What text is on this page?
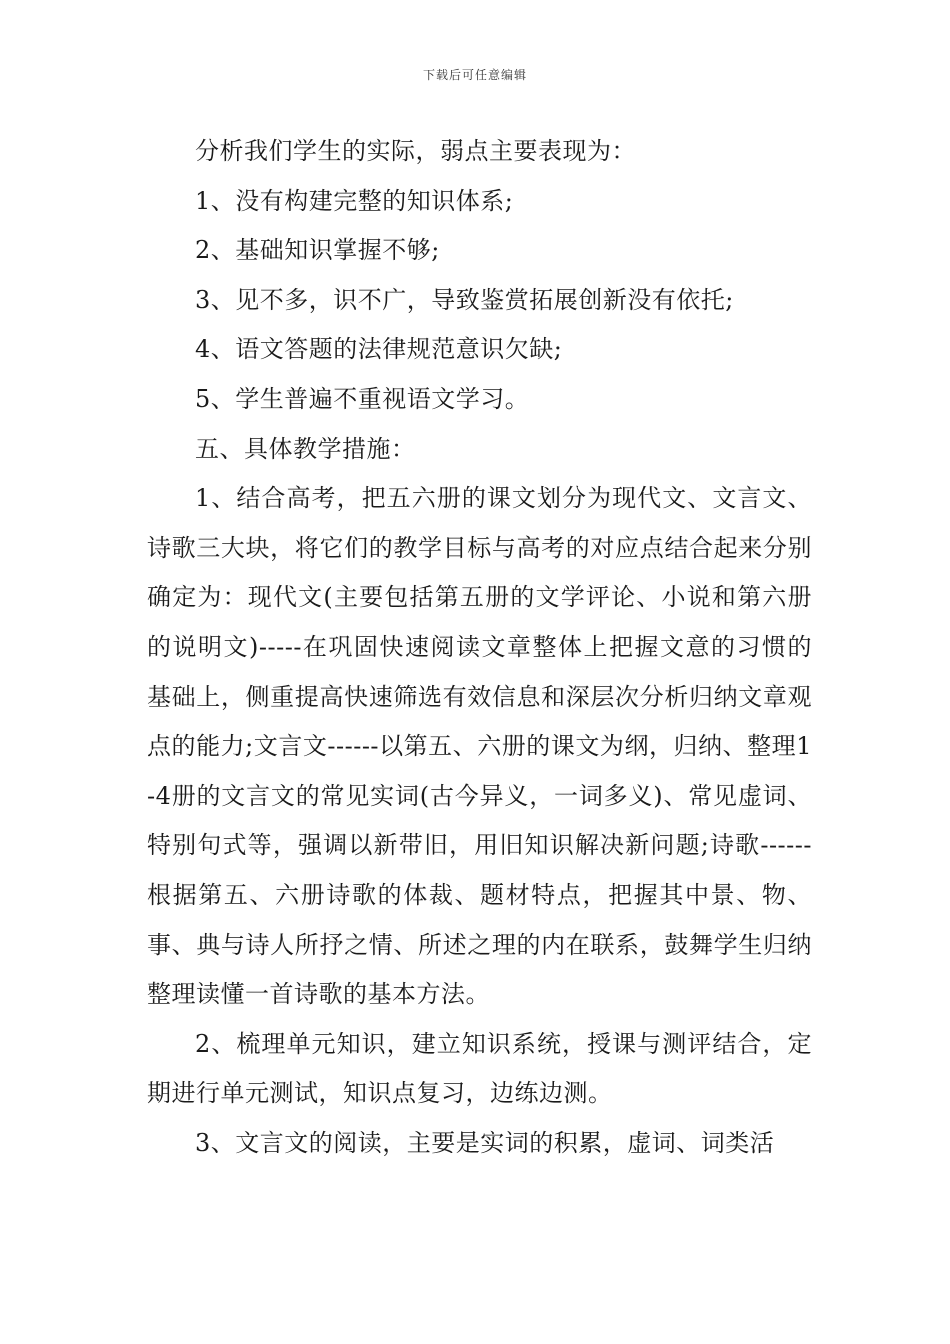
下载后可任意编辑

分析我们学生的实际，弱点主要表现为：

1、没有构建完整的知识体系;

2、基础知识掌握不够;

3、见不多，识不广，导致鉴赏拓展创新没有依托;

4、语文答题的法律规范意识欠缺;

5、学生普遍不重视语文学习。

五、具体教学措施：

1、结合高考，把五六册的课文划分为现代文、文言文、诗歌三大块，将它们的教学目标与高考的对应点结合起来分别确定为：现代文(主要包括第五册的文学评论、小说和第六册的说明文)-----在巩固快速阅读文章整体上把握文意的习惯的基础上，侧重提高快速筛选有效信息和深层次分析归纳文章观点的能力;文言文------以第五、六册的课文为纲，归纳、整理1-4册的文言文的常见实词(古今异义，一词多义)、常见虚词、特别句式等，强调以新带旧，用旧知识解决新问题;诗歌------根据第五、六册诗歌的体裁、题材特点，把握其中景、物、事、典与诗人所抒之情、所述之理的内在联系，鼓舞学生归纳整理读懂一首诗歌的基本方法。

2、梳理单元知识，建立知识系统，授课与测评结合，定期进行单元测试，知识点复习，边练边测。

3、文言文的阅读，主要是实词的积累，虚词、词类活
